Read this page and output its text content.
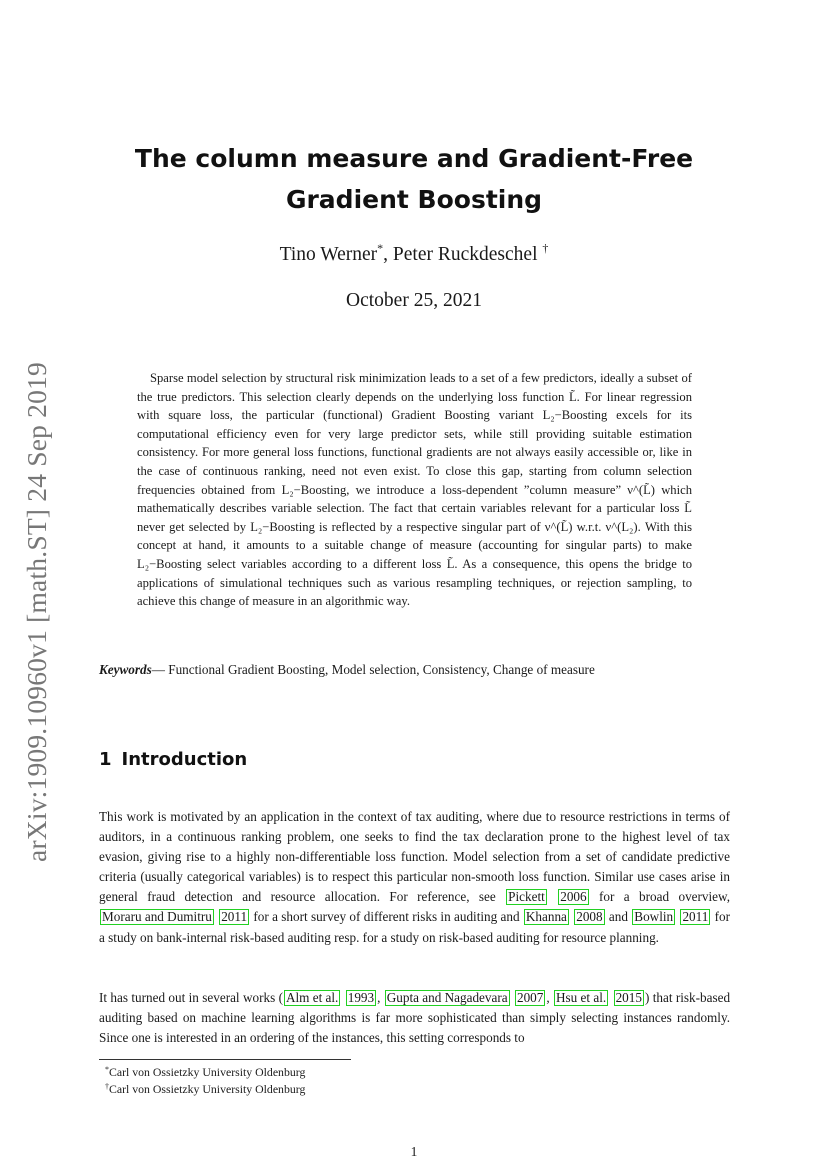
arXiv:1909.10960v1 [math.ST] 24 Sep 2019
The column measure and Gradient-Free
Gradient Boosting
Tino Werner*, Peter Ruckdeschel †
October 25, 2021

Sparse model selection by structural risk minimization leads to a set of a few predictors, ideally a subset of the true predictors. This selection clearly depends on the underlying loss function L̃. For linear regression with square loss, the particular (functional) Gradient Boosting variant L₂−Boosting excels for its computational efficiency even for very large predictor sets, while still providing suitable estimation consistency. For more general loss functions, functional gradients are not always easily accessible or, like in the case of continuous ranking, need not even exist. To close this gap, starting from column selection frequencies obtained from L₂−Boosting, we introduce a loss-dependent ”column measure” ν^(L̃) which mathematically describes variable selection. The fact that certain variables relevant for a particular loss L̃ never get selected by L₂−Boosting is reflected by a respective singular part of ν^(L̃) w.r.t. ν^(L₂). With this concept at hand, it amounts to a suitable change of measure (accounting for singular parts) to make L₂−Boosting select variables according to a different loss L̃. As a consequence, this opens the bridge to applications of simulational techniques such as various resampling techniques, or rejection sampling, to achieve this change of measure in an algorithmic way.

Keywords— Functional Gradient Boosting, Model selection, Consistency, Change of measure
1 Introduction

This work is motivated by an application in the context of tax auditing, where due to resource restrictions in terms of auditors, in a continuous ranking problem, one seeks to find the tax declaration prone to the highest level of tax evasion, giving rise to a highly non-differentiable loss function. Model selection from a set of candidate predictive criteria (usually categorical variables) is to respect this particular non-smooth loss function. Similar use cases arise in general fraud detection and resource allocation. For reference, see Pickett 2006 for a broad overview, Moraru and Dumitru 2011 for a short survey of different risks in auditing and Khanna 2008 and Bowlin 2011 for a study on bank-internal risk-based auditing resp. for a study on risk-based auditing for resource planning.

It has turned out in several works ( Alm et al. 1993 , Gupta and Nagadevara 2007 , Hsu et al. 2015 ) that risk-based auditing based on machine learning algorithms is far more sophisticated than simply selecting instances randomly. Since one is interested in an ordering of the instances, this setting corresponds to

*Carl von Ossietzky University Oldenburg
†Carl von Ossietzky University Oldenburg
1
